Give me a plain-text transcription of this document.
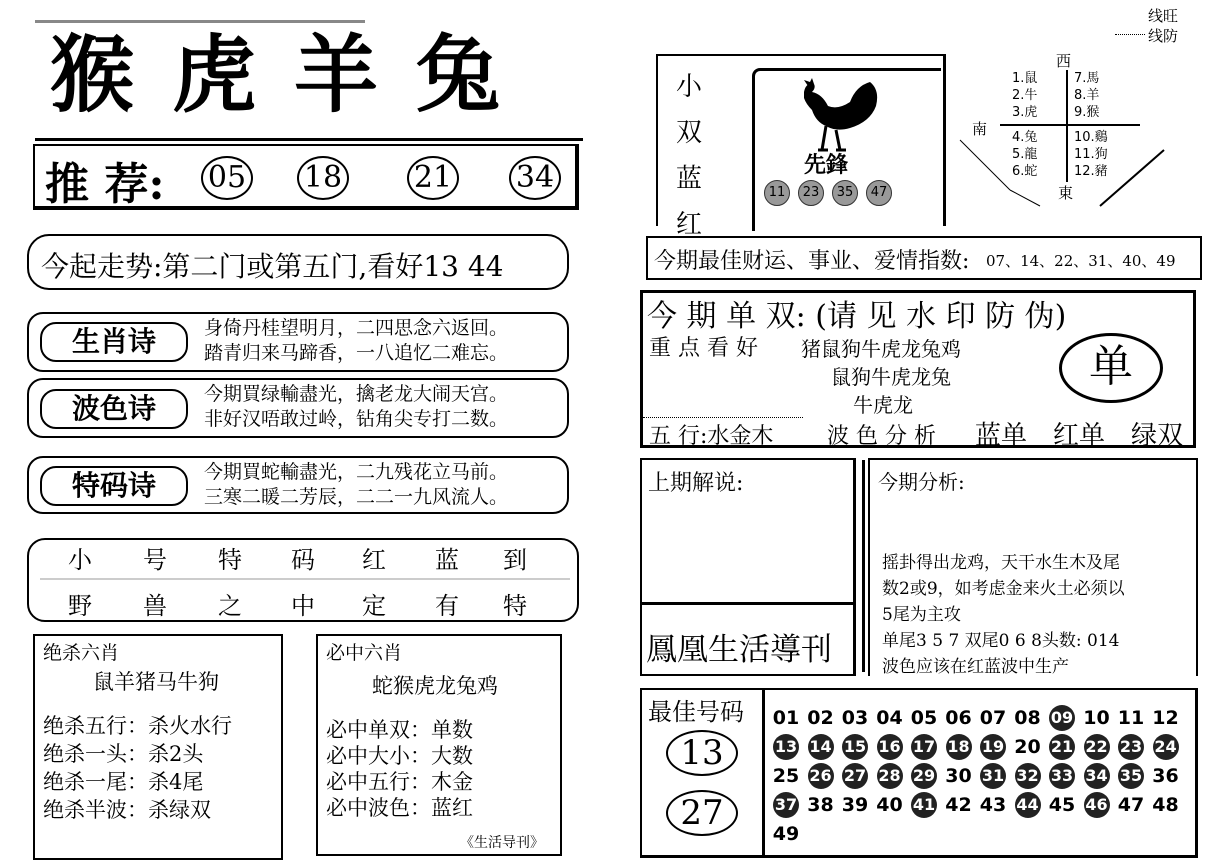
猴虎羊兔
推 荐: 05 18 21 34
今起走势:第二门或第五门,看好13 44
生肖诗	身倚丹桂望明月，二四思念六返回。
踏青归来马蹄香，一八追忆二难忘。
波色诗	今期買绿輸盡光，擒老龙大闹天宫。
非好汉唔敢过岭，钻角尖专打二数。
特码诗	今期買蛇輸盡光，二九残花立马前。
三寒二暖二芳辰，二二一九风流人。
小 号 特 码 红 蓝 到
野 兽 之 中 定 有 特
绝杀六肖
鼠羊猪马牛狗
绝杀五行：杀火水行
绝杀一头：杀2头
绝杀一尾：杀4尾
绝杀半波：杀绿双
必中六肖
蛇猴虎龙兔鸡
必中单双：单数
必中大小：大数
必中五行：木金
必中波色：蓝红
《生活导刊》
线旺
线防
小
双
蓝
红
先鋒
11	23	35	47
西
南
東
1.鼠
2.牛
3.虎
4.兔
5.龍
6.蛇
7.馬
8.羊
9.猴
10.鷄
11.狗
12.豬
今期最佳财运、事业、爱情指数: 07、14、22、31、40、49
今 期 单 双: (请 见 水 印 防 伪)
重 点 看 好 猪鼠狗牛虎龙兔鸡
鼠狗牛虎龙兔
牛虎龙
单
五 行:水金木 波 色 分 析 蓝单 红单 绿双
上期解说:
鳳凰生活導刊
今期分析:
摇卦得出龙鸡，天干水生木及尾
数2或9，如考虑金来火土必须以
5尾为主攻
单尾3 5 7 双尾0 6 8头数: 014
波色应该在红蓝波中生产
最佳号码
13
27
01 02 03 04 05 06 07 08 09 10 11 12
13 14 15 16 17 18 19 20 21 22 23 24
25 26 27 28 29 30 31 32 33 34 35 36
37 38 39 40 41 42 43 44 45 46 47 48
49
